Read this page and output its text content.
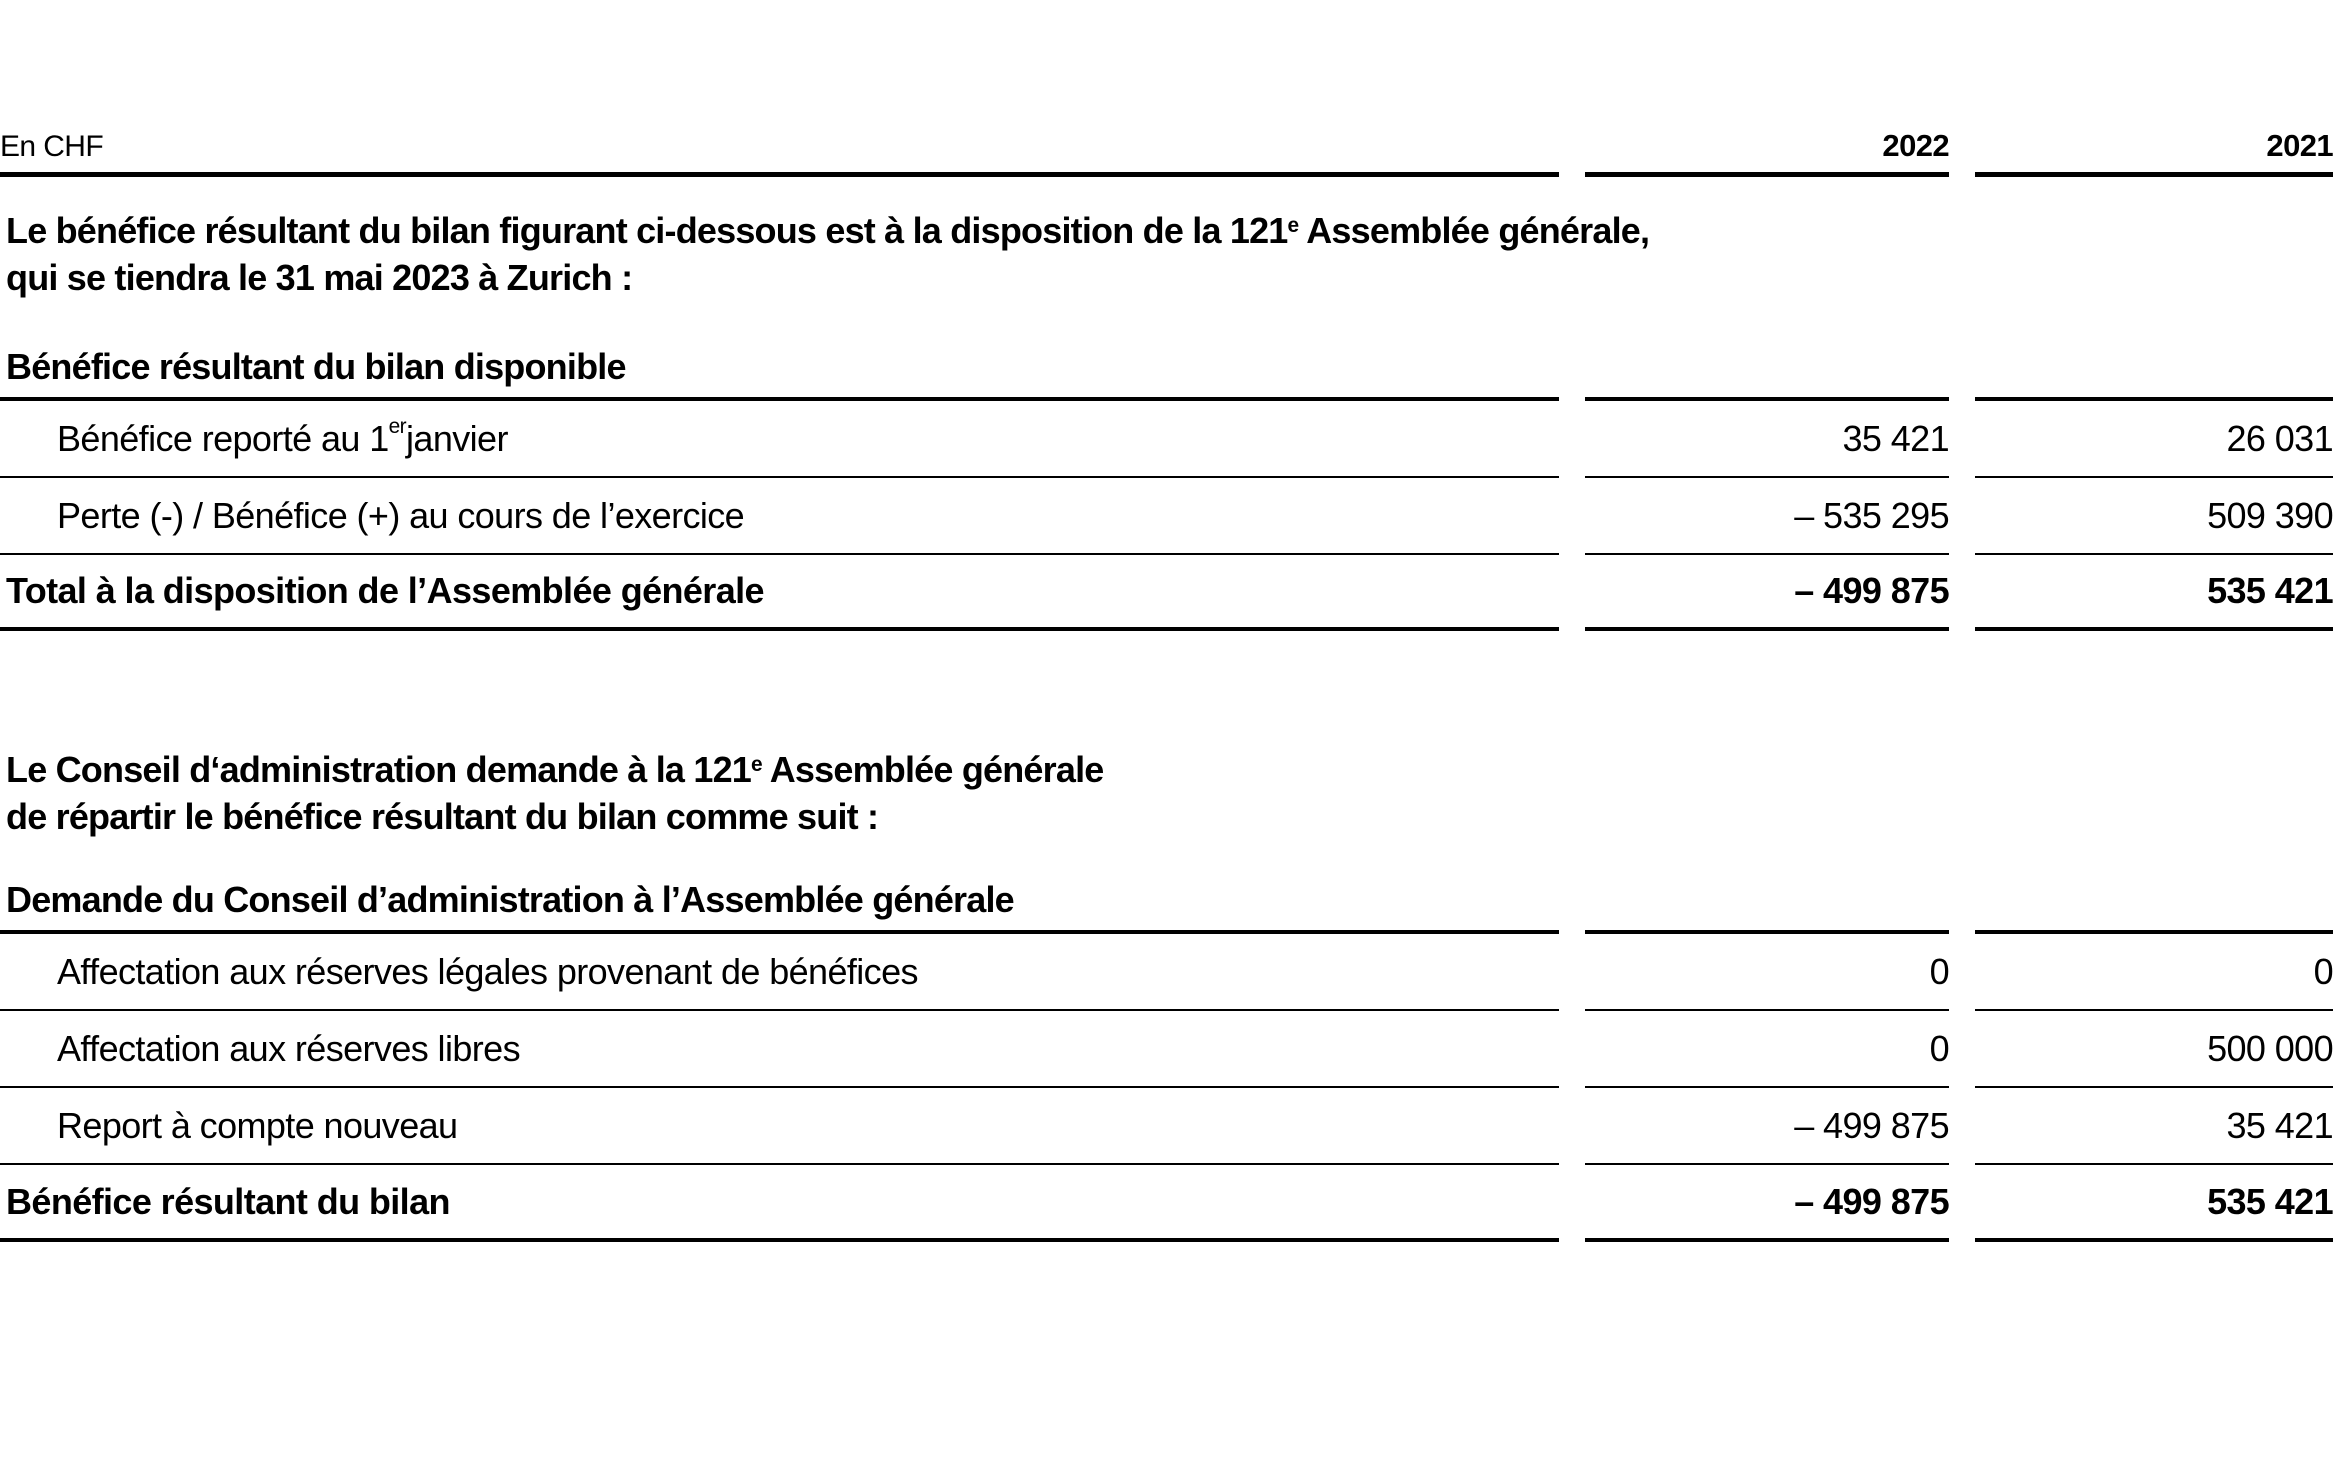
En CHF	2022	2021
Le bénéfice résultant du bilan figurant ci-dessous est à la disposition de la 121e Assemblée générale,
qui se tiendra le 31 mai 2023 à Zurich :
Bénéfice résultant du bilan disponible
Bénéfice reporté au 1er janvier	35 421	26 031
Perte (-) / Bénéfice (+) au cours de l’exercice	– 535 295	509 390
Total à la disposition de l’Assemblée générale	– 499 875	535 421
Le Conseil d‘administration demande à la 121e Assemblée générale
de répartir le bénéfice résultant du bilan comme suit :
Demande du Conseil d’administration à l’Assemblée générale
Affectation aux réserves légales provenant de bénéfices	0	0
Affectation aux réserves libres	0	500 000
Report à compte nouveau	– 499 875	35 421
Bénéfice résultant du bilan	– 499 875	535 421
